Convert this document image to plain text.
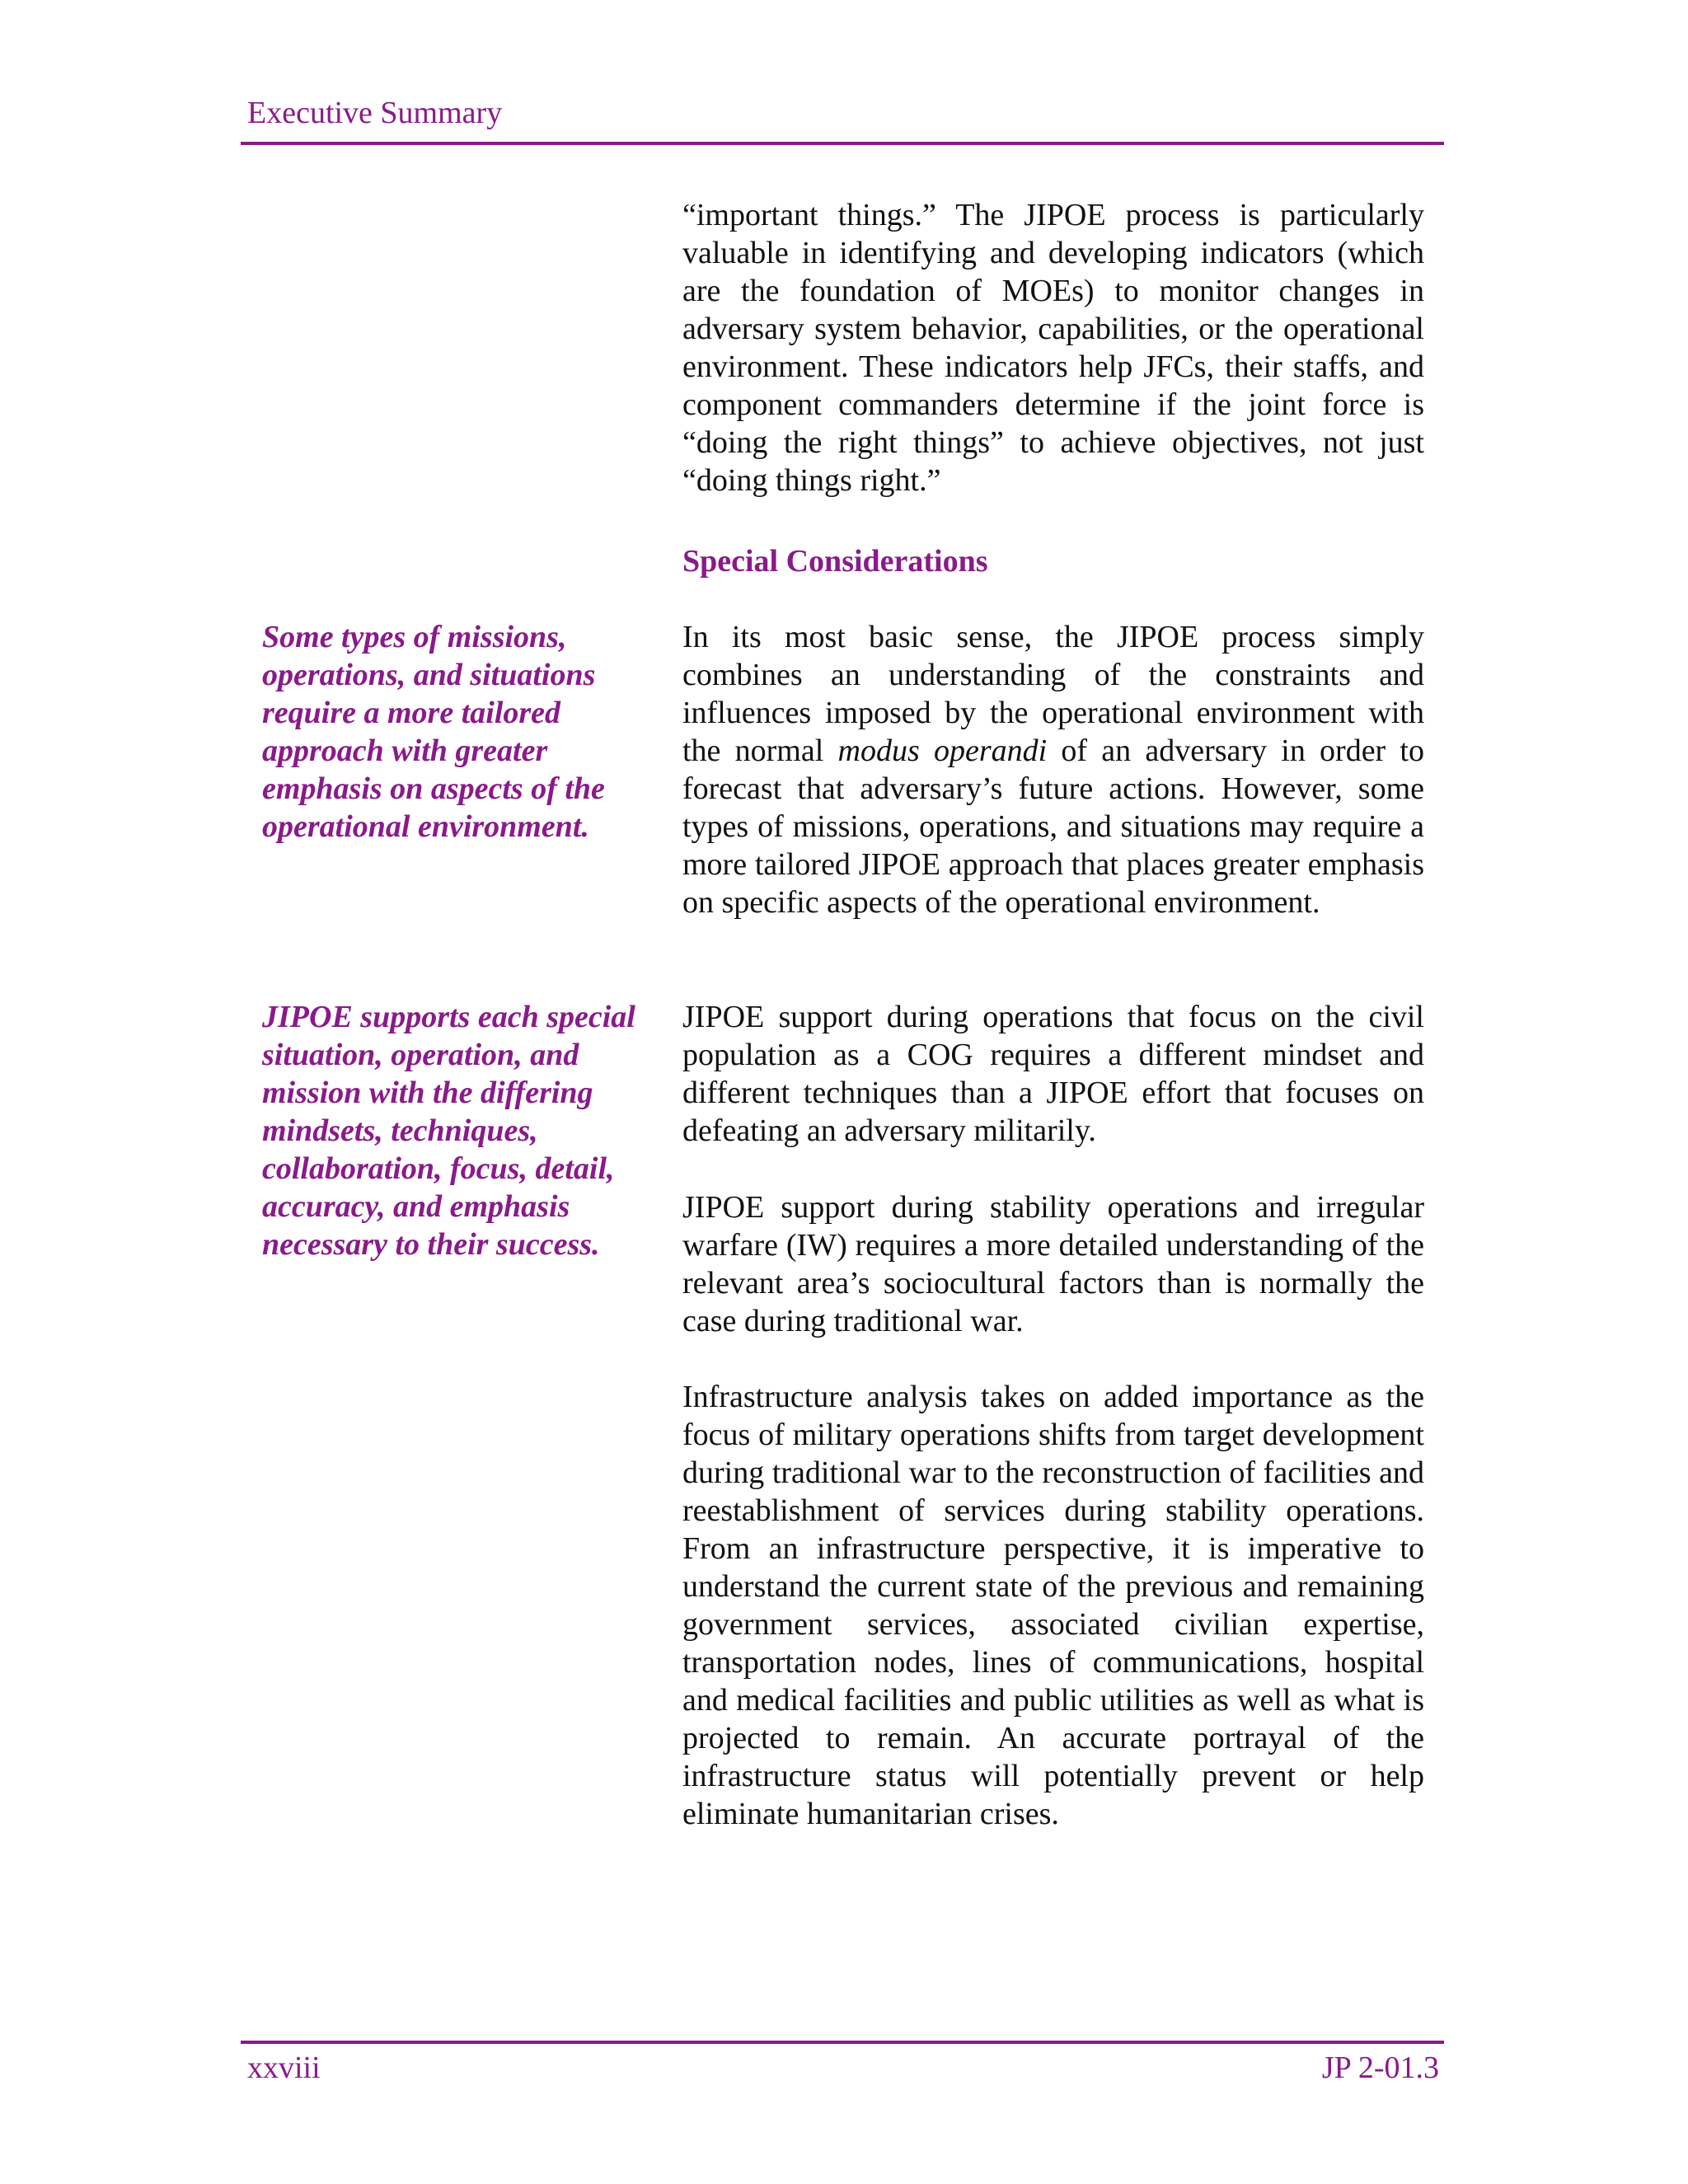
Executive Summary

“important things.” The JIPOE process is particularly valuable in identifying and developing indicators (which are the foundation of MOEs) to monitor changes in adversary system behavior, capabilities, or the operational environment. These indicators help JFCs, their staffs, and component commanders determine if the joint force is “doing the right things” to achieve objectives, not just “doing things right.”

Special Considerations

Some types of missions, operations, and situations require a more tailored approach with greater emphasis on aspects of the operational environment.

In its most basic sense, the JIPOE process simply combines an understanding of the constraints and influences imposed by the operational environment with the normal modus operandi of an adversary in order to forecast that adversary’s future actions. However, some types of missions, operations, and situations may require a more tailored JIPOE approach that places greater emphasis on specific aspects of the operational environment.

JIPOE supports each special situation, operation, and mission with the differing mindsets, techniques, collaboration, focus, detail, accuracy, and emphasis necessary to their success.

JIPOE support during operations that focus on the civil population as a COG requires a different mindset and different techniques than a JIPOE effort that focuses on defeating an adversary militarily.

JIPOE support during stability operations and irregular warfare (IW) requires a more detailed understanding of the relevant area’s sociocultural factors than is normally the case during traditional war.

Infrastructure analysis takes on added importance as the focus of military operations shifts from target development during traditional war to the reconstruction of facilities and reestablishment of services during stability operations. From an infrastructure perspective, it is imperative to understand the current state of the previous and remaining government services, associated civilian expertise, transportation nodes, lines of communications, hospital and medical facilities and public utilities as well as what is projected to remain. An accurate portrayal of the infrastructure status will potentially prevent or help eliminate humanitarian crises.

xxviii	JP 2-01.3
